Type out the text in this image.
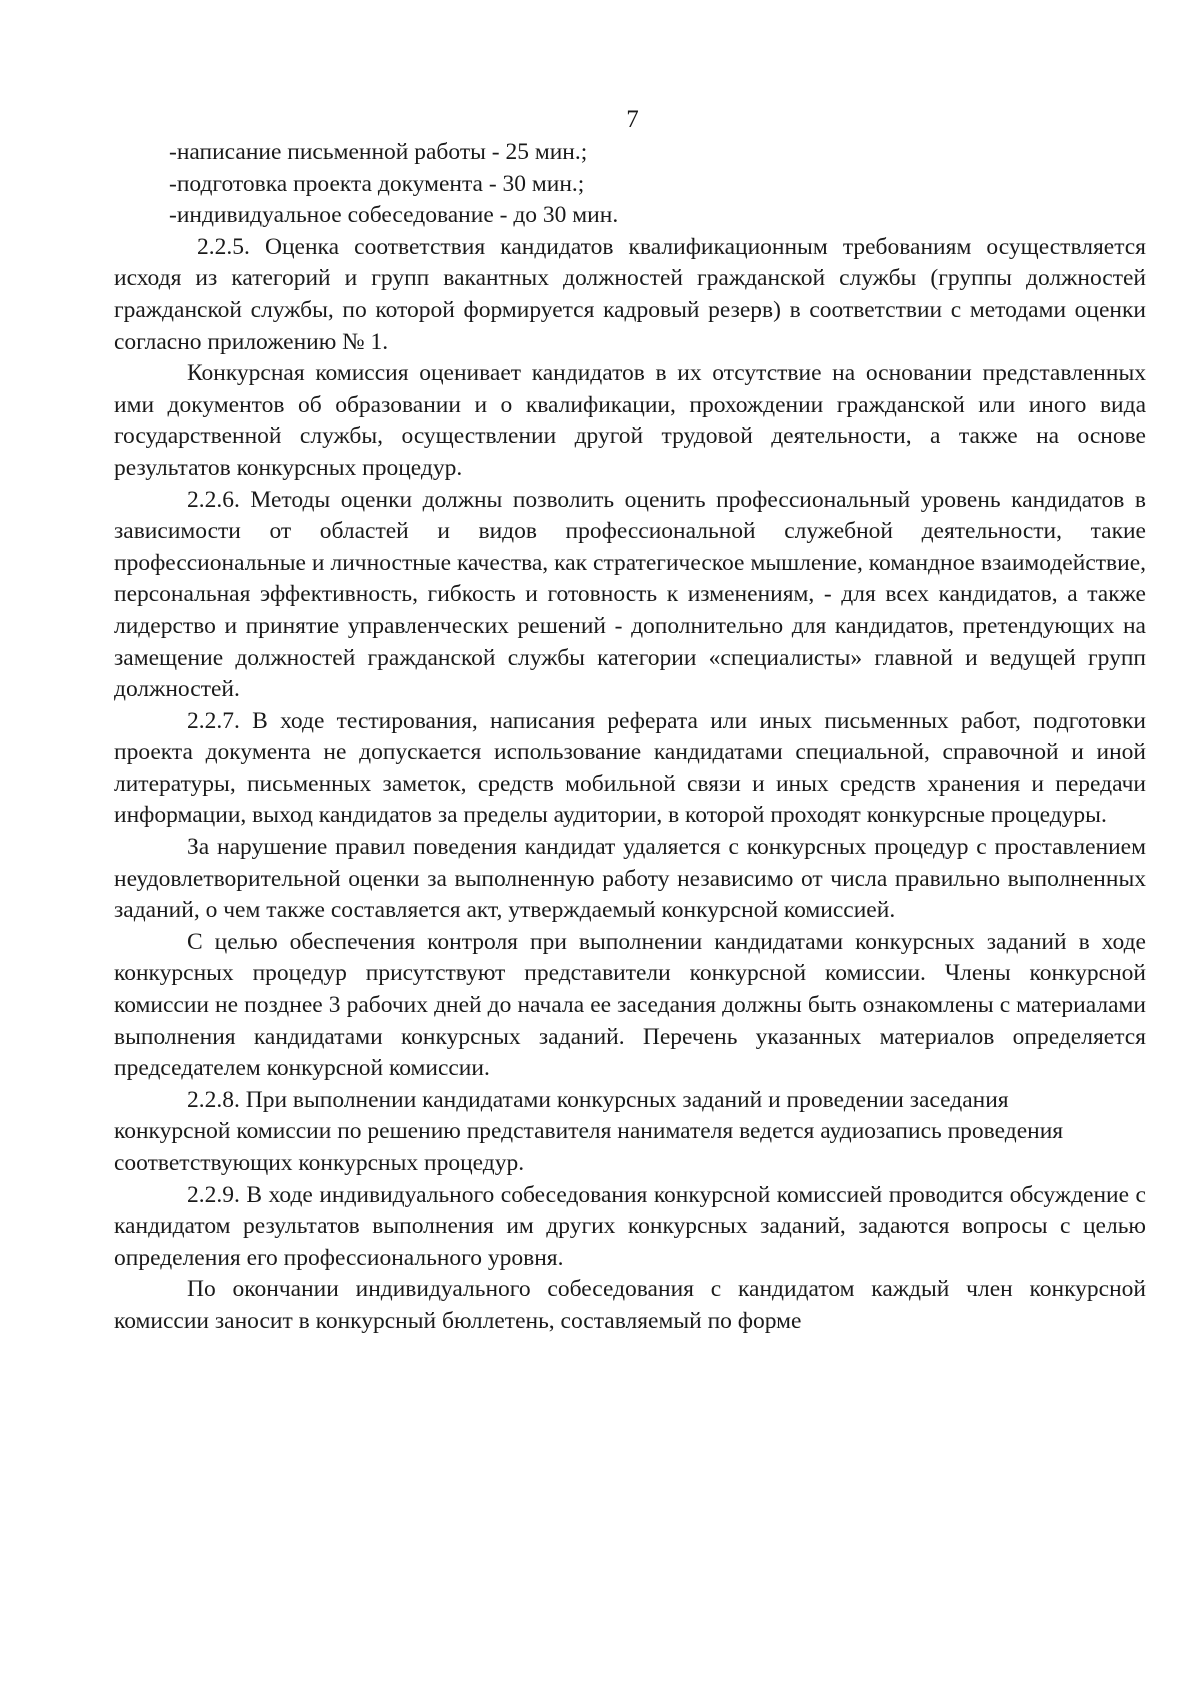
7

-написание письменной работы - 25 мин.;

-подготовка проекта документа - 30 мин.;

-индивидуальное собеседование - до 30 мин.

2.2.5. Оценка соответствия кандидатов квалификационным требованиям осуществляется исходя из категорий и групп вакантных должностей гражданской службы (группы должностей гражданской службы, по которой формируется кадровый резерв) в соответствии с методами оценки согласно приложению № 1.

Конкурсная комиссия оценивает кандидатов в их отсутствие на основании представленных ими документов об образовании и о квалификации, прохождении гражданской или иного вида государственной службы, осуществлении другой трудовой деятельности, а также на основе результатов конкурсных процедур.

2.2.6. Методы оценки должны позволить оценить профессиональный уровень кандидатов в зависимости от областей и видов профессиональной служебной деятельности, такие профессиональные и личностные качества, как стратегическое мышление, командное взаимодействие, персональная эффективность, гибкость и готовность к изменениям, - для всех кандидатов, а также лидерство и принятие управленческих решений - дополнительно для кандидатов, претендующих на замещение должностей гражданской службы категории «специалисты» главной и ведущей групп должностей.

2.2.7. В ходе тестирования, написания реферата или иных письменных работ, подготовки проекта документа не допускается использование кандидатами специальной, справочной и иной литературы, письменных заметок, средств мобильной связи и иных средств хранения и передачи информации, выход кандидатов за пределы аудитории, в которой проходят конкурсные процедуры.

За нарушение правил поведения кандидат удаляется с конкурсных процедур с проставлением неудовлетворительной оценки за выполненную работу независимо от числа правильно выполненных заданий, о чем также составляется акт, утверждаемый конкурсной комиссией.

С целью обеспечения контроля при выполнении кандидатами конкурсных заданий в ходе конкурсных процедур присутствуют представители конкурсной комиссии. Члены конкурсной комиссии не позднее 3 рабочих дней до начала ее заседания должны быть ознакомлены с материалами выполнения кандидатами конкурсных заданий. Перечень указанных материалов определяется председателем конкурсной комиссии.

2.2.8. При выполнении кандидатами конкурсных заданий и проведении заседания

конкурсной комиссии по решению представителя нанимателя ведется аудиозапись проведения соответствующих конкурсных процедур.

2.2.9. В ходе индивидуального собеседования конкурсной комиссией проводится обсуждение с кандидатом результатов выполнения им других конкурсных заданий, задаются вопросы с целью определения его профессионального уровня.

По окончании индивидуального собеседования с кандидатом каждый член конкурсной комиссии заносит в конкурсный бюллетень, составляемый по форме
